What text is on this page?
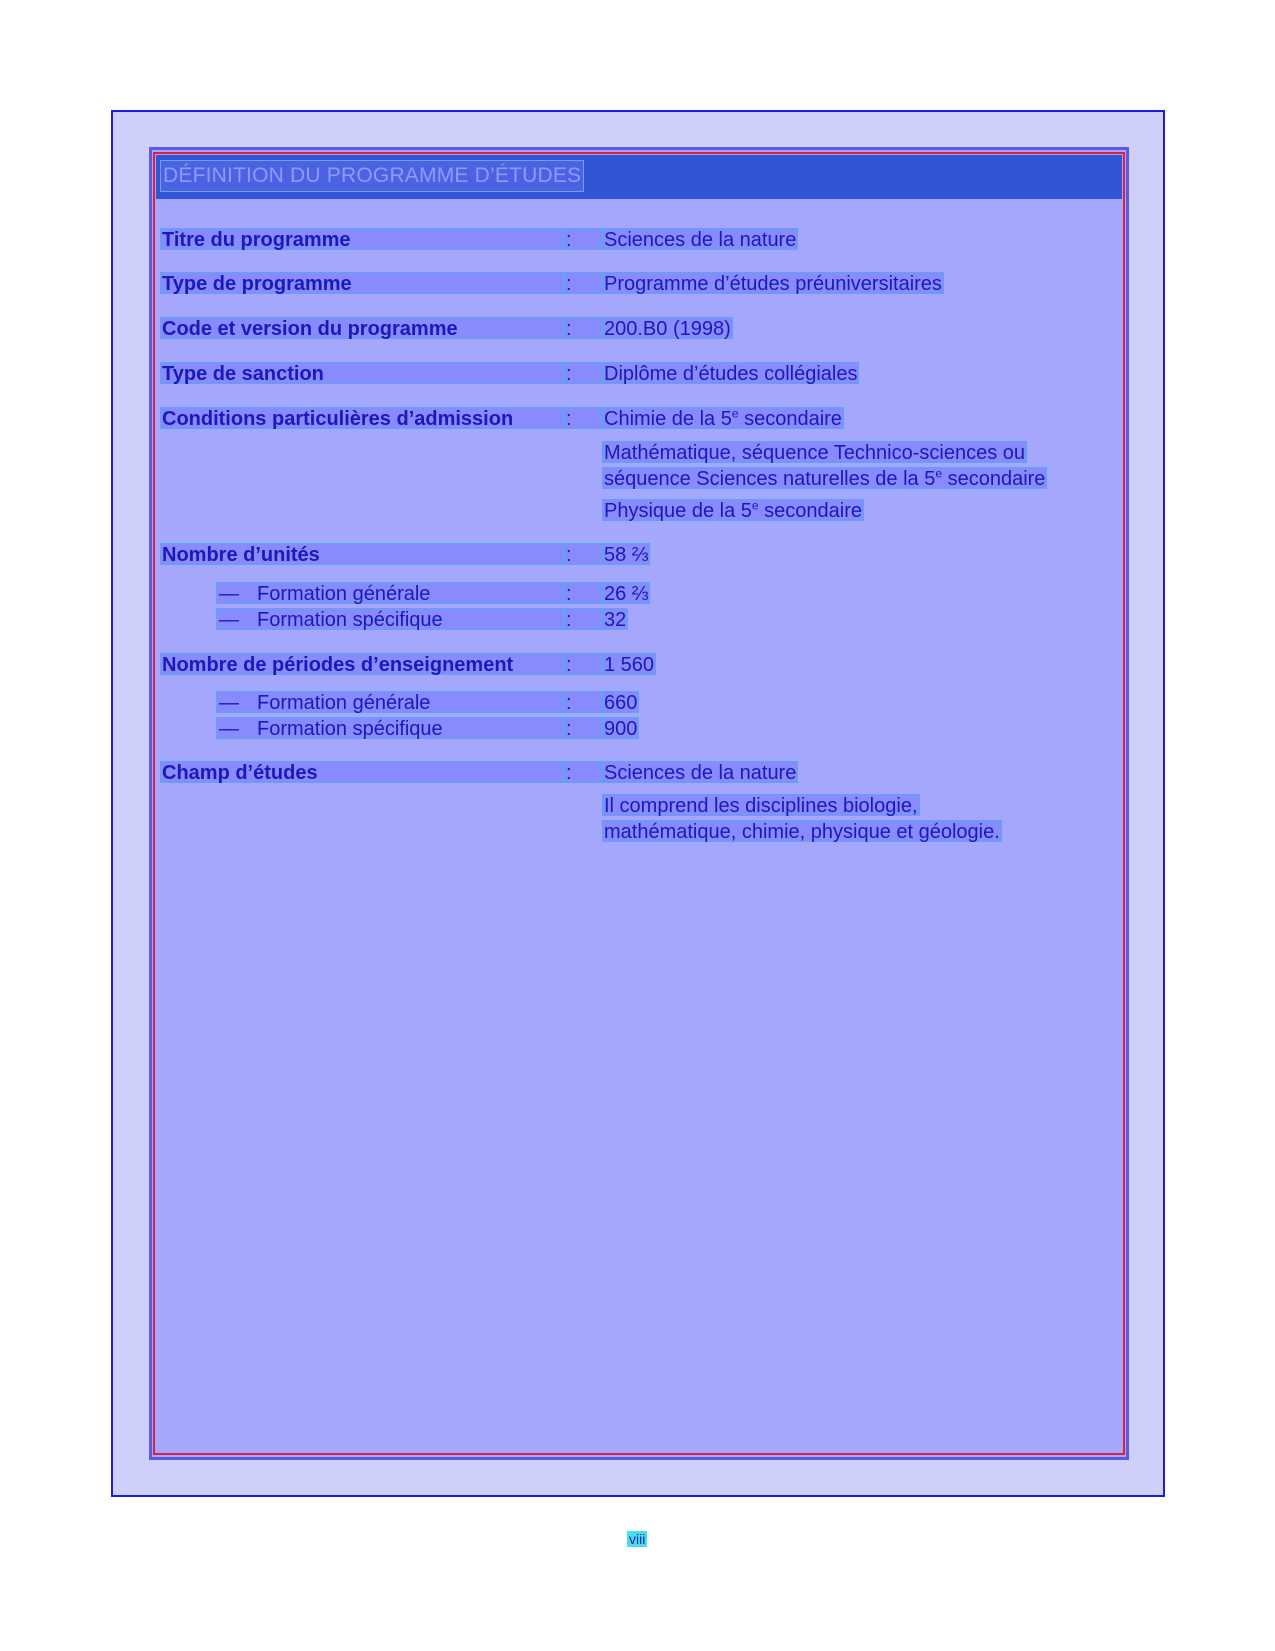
DÉFINITION DU PROGRAMME D’ÉTUDES
Titre du programme	:	Sciences de la nature
Type de programme	:	Programme d’études préuniversitaires
Code et version du programme	:	200.B0 (1998)
Type de sanction	:	Diplôme d’études collégiales
Conditions particulières d’admission	:	Chimie de la 5e secondaire
Mathématique, séquence Technico-sciences ou
séquence Sciences naturelles de la 5e secondaire
Physique de la 5e secondaire
Nombre d’unités	:	58 ⅔
— Formation générale	:	26 ⅔
— Formation spécifique	:	32
Nombre de périodes d’enseignement	:	1 560
— Formation générale	:	660
— Formation spécifique	:	900
Champ d’études	:	Sciences de la nature
Il comprend les disciplines biologie,
mathématique, chimie, physique et géologie.
viii
